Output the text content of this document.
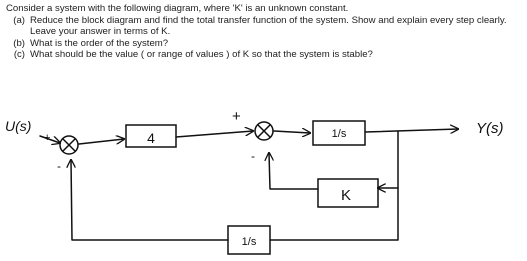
Consider a system with the following diagram, where 'K' is an unknown constant.
(a) Reduce the block diagram and find the total transfer function of the system. Show and explain every step clearly. Leave your answer in terms of K.
(b) What is the order of the system?
(c) What should be the value ( or range of values ) of K so that the system is stable?
U(s)
+
-
+
-
Y(s)
4	1/s
K
1/s
